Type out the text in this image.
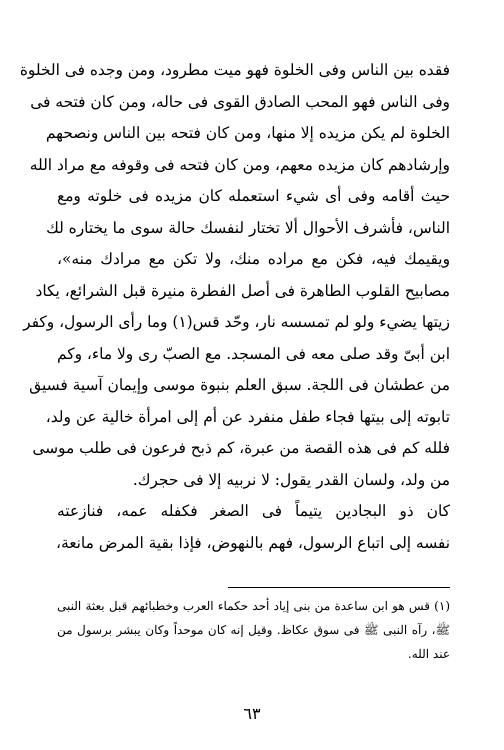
فقده بين الناس وفى الخلوة فهو ميت مطرود، ومن وجده فى الخلوة
وفى الناس فهو المحب الصادق القوى فى حاله، ومن كان فتحه فى
الخلوة لم يكن مزيده إلا منها، ومن كان فتحه بين الناس ونصحهم
وإرشادهم كان مزيده معهم، ومن كان فتحه فى وقوفه مع مراد الله
حيث أقامه وفى أى شيء استعمله كان مزيده فى خلوته ومع
الناس، فأشرف الأحوال ألا تختار لنفسك حالة سوى ما يختاره لك
ويقيمك فيه، فكن مع مراده منك، ولا تكن مع مرادك منه»،
مصابيح القلوب الطاهرة فى أصل الفطرة منيرة قبل الشرائع، يكاد
زيتها يضيء ولو لم تمسسه نار، وحّد قس(١) وما رأى الرسول، وكفر
ابن أبىّ وقد صلى معه فى المسجد. مع الصبّ رى ولا ماء، وكم
من عطشان فى اللجة. سبق العلم بنبوة موسى وإيمان آسية فسيق
تابوته إلى بيتها فجاء طفل منفرد عن أم إلى امرأة خالية عن ولد،
فلله كم فى هذه القصة من عبرة، كم ذبح فرعون فى طلب موسى
من ولد، ولسان القدر يقول: لا نربيه إلا فى حجرك.
كان ذو البجادين يتيماً فى الصغر فكفله عمه، فنازعته
(١) قس هو ابن ساعدة من بنى إياد أحد حكماء العرب وخطبائهم قبل بعثة النبى
ﷺ، رآه النبى ﷺ فى سوق عكاظ. وقيل إنه كان موحداً وكان يبشر برسول من
عند الله.
٦٣
نفسه إلى اتباع الرسول، فهم بالنهوض، فإذا بقية المرض مانعة،
